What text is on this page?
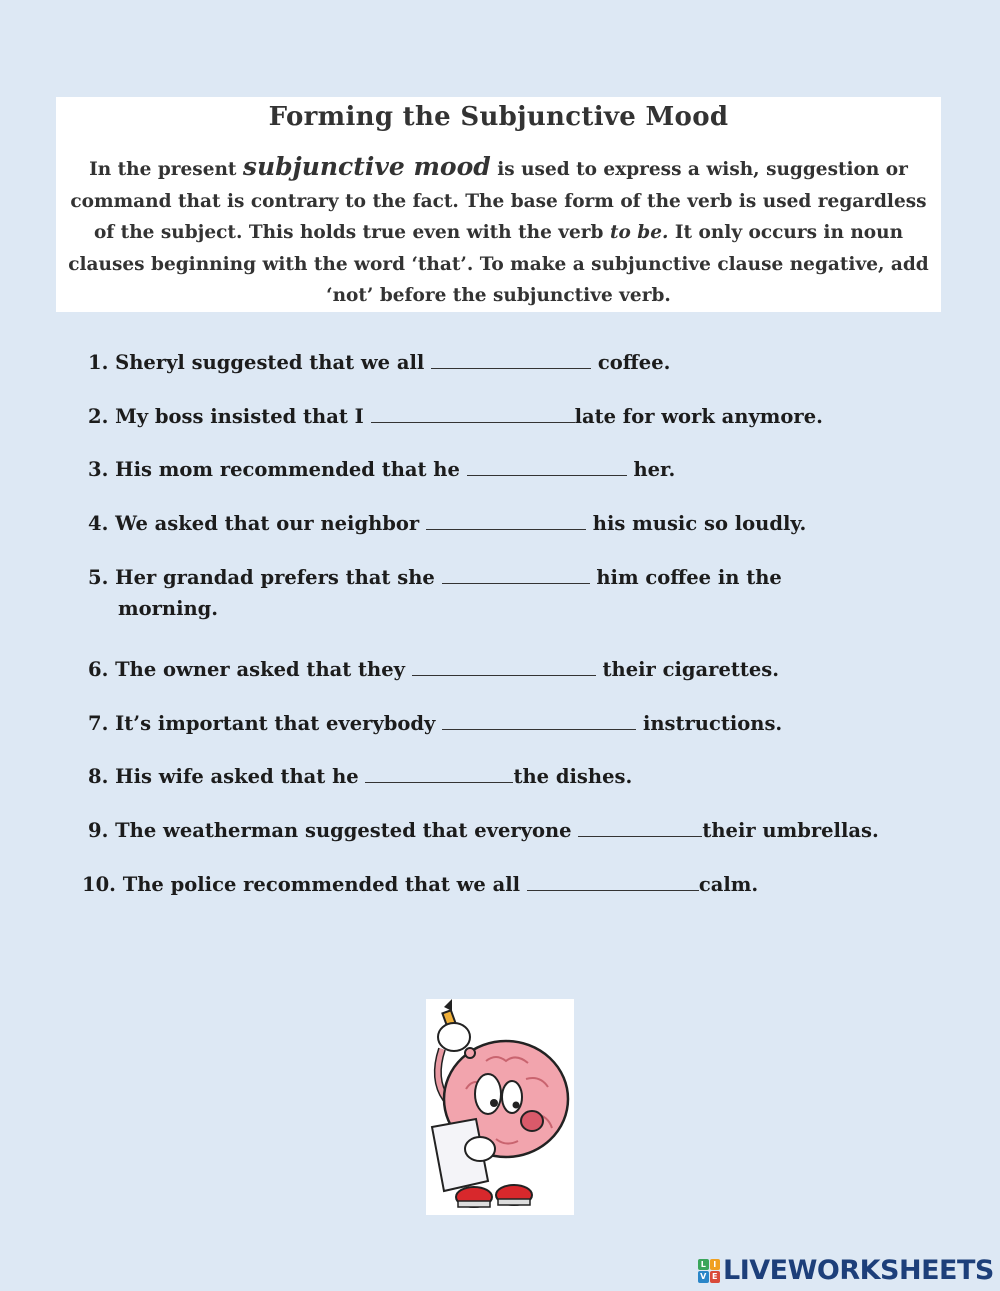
Forming the Subjunctive Mood

In the present subjunctive mood is used to express a wish, suggestion or command that is contrary to the fact. The base form of the verb is used regardless of the subject. This holds true even with the verb to be. It only occurs in noun clauses beginning with the word ‘that’. To make a subjunctive clause negative, add ‘not’ before the subjunctive verb.

1. Sheryl suggested that we all	coffee.
2. My boss insisted that I	late for work anymore.
3. His mom recommended that he	her.
4. We asked that our neighbor	his music so loudly.
5. Her grandad prefers that she	him coffee in the
morning.
6. The owner asked that they	their cigarettes.
7. It’s important that everybody	instructions.
8. His wife asked that he	the dishes.
9. The weatherman suggested that everyone	their umbrellas.
10. The police recommended that we all	calm.
L I
V E LIVEWORKSHEETS
